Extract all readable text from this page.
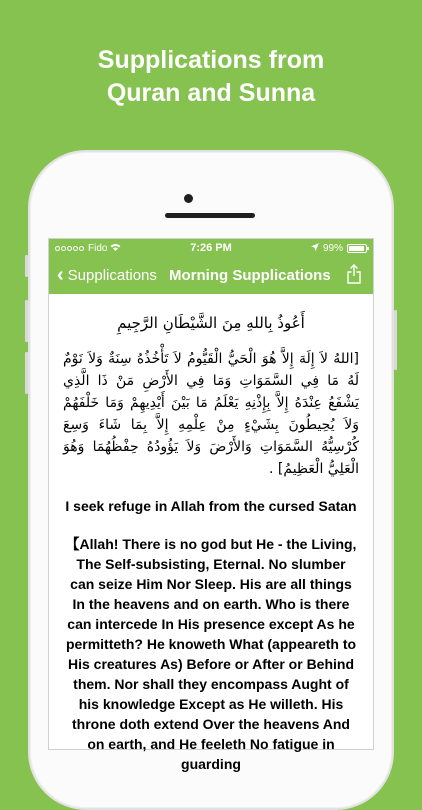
Supplications from
Quran and Sunna
Fido	7:26 PM	99%
‹ Supplications Morning Supplications
أَعُوذُ بِاللهِ مِنَ الشَّيْطَانِ الرَّجِيمِ
[اللهُ لاَ إِلَهَ إِلاَّ هُوَ الْحَيُّ الْقَيُّومُ لاَ تَأْخُذُهُ سِنَةٌ وَلاَ نَوْمٌ لَهُ مَا فِي السَّمَوَاتِ وَمَا فِي الأَرْضِ مَنْ ذَا الَّذِي يَشْفَعُ عِنْدَهُ إِلاَّ بِإِذْنِهِ يَعْلَمُ مَا بَيْنَ أَيْدِيهِمْ وَمَا خَلْفَهُمْ وَلاَ يُحِيطُونَ بِشَيْءٍ مِنْ عِلْمِهِ إِلاَّ بِمَا شَاءَ وَسِعَ كُرْسِيُّهُ السَّمَوَاتِ وَالأَرْضَ وَلاَ يَؤُودُهُ حِفْظُهُمَا وَهُوَ الْعَلِيُّ الْعَظِيمُ] .
I seek refuge in Allah from the cursed Satan
【Allah! There is no god but He - the Living, The Self-subsisting, Eternal. No slumber can seize Him Nor Sleep. His are all things In the heavens and on earth. Who is there can intercede In His presence except As he permitteth? He knoweth What (appeareth to His creatures As) Before or After or Behind them. Nor shall they encompass Aught of his knowledge Except as He willeth. His throne doth extend Over the heavens And on earth, and He feeleth No fatigue in guarding
